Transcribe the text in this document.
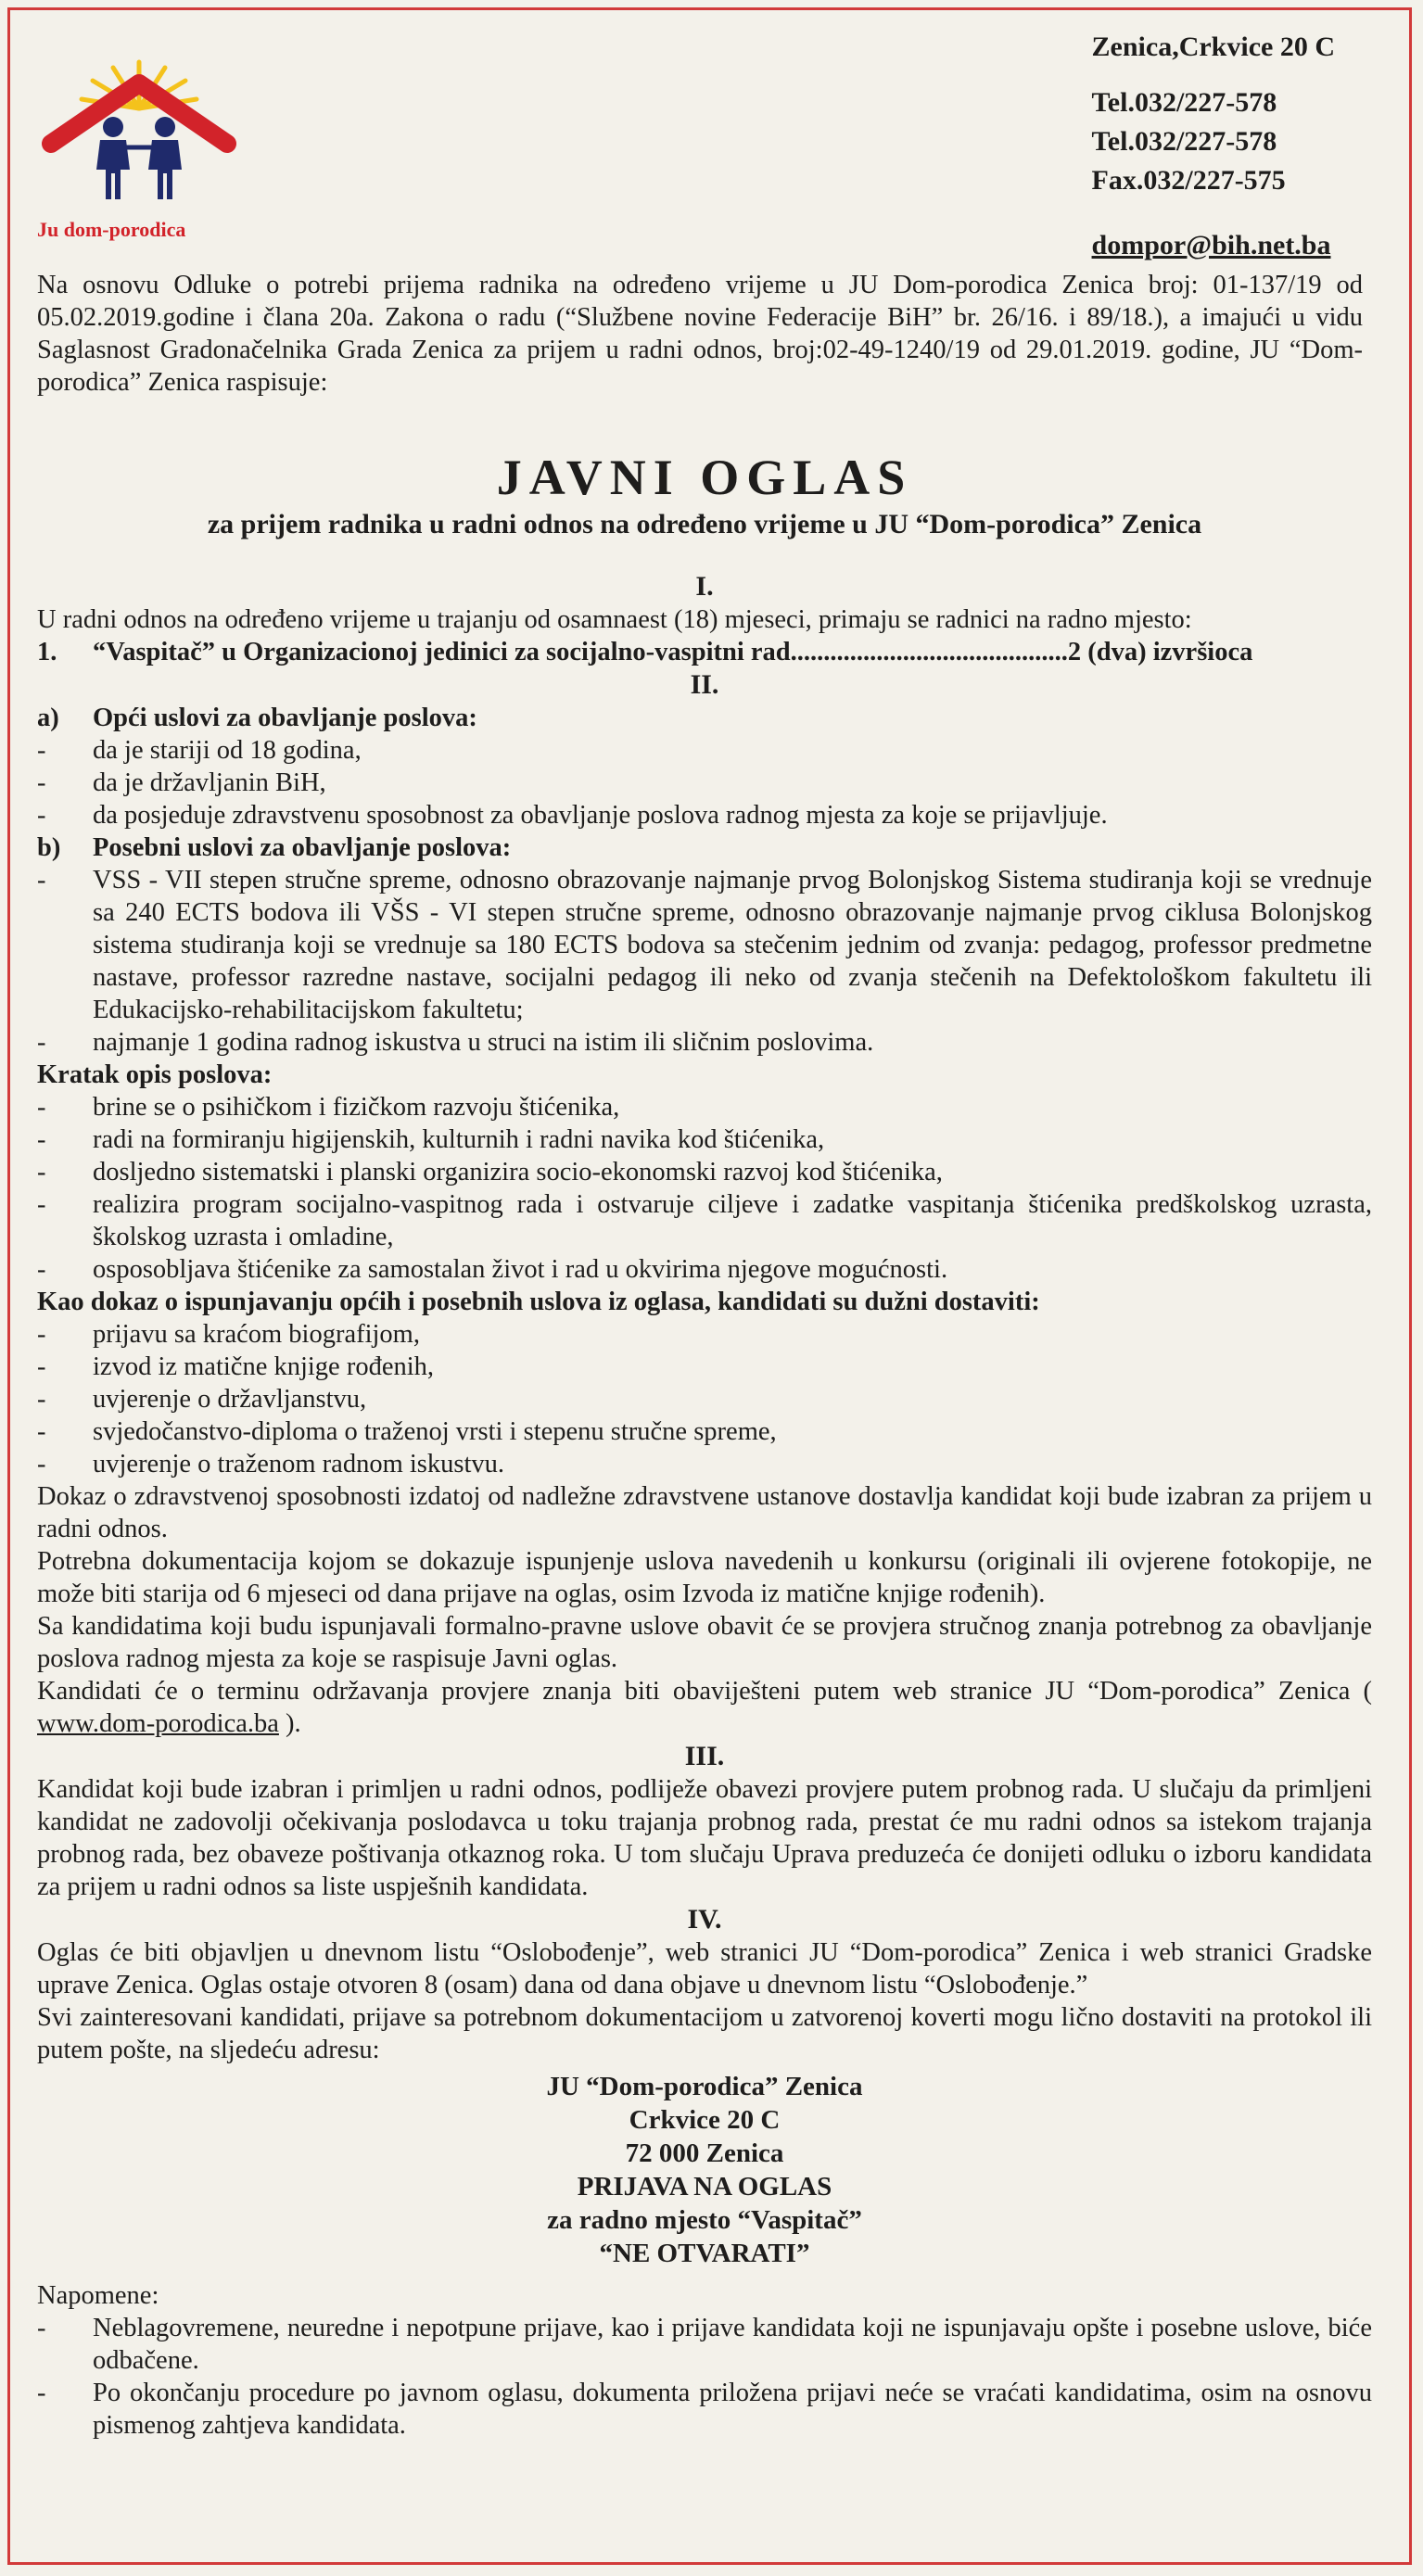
Ju dom-porodica
Zenica,Crkvice 20 C
Tel.032/227-578
Tel.032/227-578
Fax.032/227-575
dompor@bih.net.ba
Na osnovu Odluke o potrebi prijema radnika na određeno vrijeme u JU Dom-porodica Zenica broj: 01-137/19 od 05.02.2019.godine i člana 20a. Zakona o radu (“Službene novine Federacije BiH” br. 26/16. i 89/18.), a imajući u vidu Saglasnost Gradonačelnika Grada Zenica za prijem u radni odnos, broj:02-49-1240/19 od 29.01.2019. godine, JU “Dom-porodica” Zenica raspisuje:
JAVNI OGLAS
za prijem radnika u radni odnos na određeno vrijeme u JU “Dom-porodica” Zenica
I.

U radni odnos na određeno vrijeme u trajanju od osamnaest (18) mjeseci, primaju se radnici na radno mjesto:

1.	“Vaspitač” u Organizacionoj jedinici za socijalno-vaspitni rad..........................................2 (dva) izvršioca
II.
a)	Opći uslovi za obavljanje poslova:
-	da je stariji od 18 godina,
-	da je državljanin BiH,
-	da posjeduje zdravstvenu sposobnost za obavljanje poslova radnog mjesta za koje se prijavljuje.
b)	Posebni uslovi za obavljanje poslova:
-	VSS - VII stepen stručne spreme, odnosno obrazovanje najmanje prvog Bolonjskog Sistema studiranja koji se vrednuje sa 240 ECTS bodova ili VŠS - VI stepen stručne spreme, odnosno obrazovanje najmanje prvog ciklusa Bolonjskog sistema studiranja koji se vrednuje sa 180 ECTS bodova sa stečenim jednim od zvanja: pedagog, professor predmetne nastave, professor razredne nastave, socijalni pedagog ili neko od zvanja stečenih na Defektološkom fakultetu ili Edukacijsko-rehabilitacijskom fakultetu;
-	najmanje 1 godina radnog iskustva u struci na istim ili sličnim poslovima.
Kratak opis poslova:
-	brine se o psihičkom i fizičkom razvoju štićenika,
-	radi na formiranju higijenskih, kulturnih i radni navika kod štićenika,
-	dosljedno sistematski i planski organizira socio-ekonomski razvoj kod štićenika,
-	realizira program socijalno-vaspitnog rada i ostvaruje ciljeve i zadatke vaspitanja štićenika predškolskog uzrasta, školskog uzrasta i omladine,
-	osposobljava štićenike za samostalan život i rad u okvirima njegove mogućnosti.
Kao dokaz o ispunjavanju općih i posebnih uslova iz oglasa, kandidati su dužni dostaviti:
-	prijavu sa kraćom biografijom,
-	izvod iz matične knjige rođenih,
-	uvjerenje o državljanstvu,
-	svjedočanstvo-diploma o traženoj vrsti i stepenu stručne spreme,
-	uvjerenje o traženom radnom iskustvu.

Dokaz o zdravstvenoj sposobnosti izdatoj od nadležne zdravstvene ustanove dostavlja kandidat koji bude izabran za prijem u radni odnos.

Potrebna dokumentacija kojom se dokazuje ispunjenje uslova navedenih u konkursu (originali ili ovjerene fotokopije, ne može biti starija od 6 mjeseci od dana prijave na oglas, osim Izvoda iz matične knjige rođenih).

Sa kandidatima koji budu ispunjavali formalno-pravne uslove obavit će se provjera stručnog znanja potrebnog za obavljanje poslova radnog mjesta za koje se raspisuje Javni oglas.

Kandidati će o terminu održavanja provjere znanja biti obaviješteni putem web stranice JU “Dom-porodica” Zenica ( www.dom-porodica.ba ).

III.

Kandidat koji bude izabran i primljen u radni odnos, podliježe obavezi provjere putem probnog rada. U slučaju da primljeni kandidat ne zadovolji očekivanja poslodavca u toku trajanja probnog rada, prestat će mu radni odnos sa istekom trajanja probnog rada, bez obaveze poštivanja otkaznog roka. U tom slučaju Uprava preduzeća će donijeti odluku o izboru kandidata za prijem u radni odnos sa liste uspješnih kandidata.

IV.

Oglas će biti objavljen u dnevnom listu “Oslobođenje”, web stranici JU “Dom-porodica” Zenica i web stranici Gradske uprave Zenica. Oglas ostaje otvoren 8 (osam) dana od dana objave u dnevnom listu “Oslobođenje.”

Svi zainteresovani kandidati, prijave sa potrebnom dokumentacijom u zatvorenoj koverti mogu lično dostaviti na protokol ili putem pošte, na sljedeću adresu:

JU “Dom-porodica” Zenica
Crkvice 20 C
72 000 Zenica
PRIJAVA NA OGLAS
za radno mjesto “Vaspitač”
“NE OTVARATI”

Napomene:

-	Neblagovremene, neuredne i nepotpune prijave, kao i prijave kandidata koji ne ispunjavaju opšte i posebne uslove, biće odbačene.
-	Po okončanju procedure po javnom oglasu, dokumenta priložena prijavi neće se vraćati kandidatima, osim na osnovu pismenog zahtjeva kandidata.
